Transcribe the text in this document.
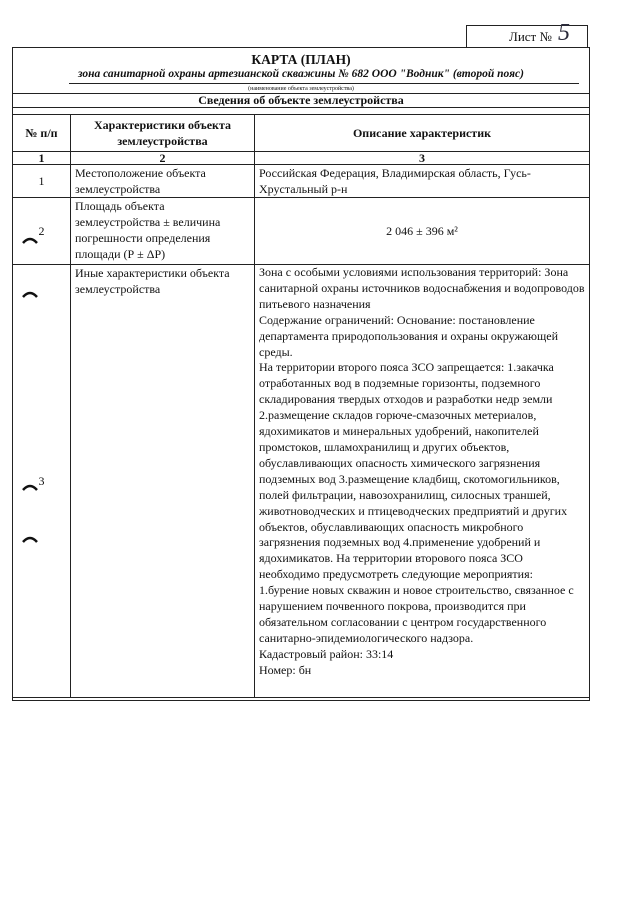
Лист № 5
КАРТА (ПЛАН)
зона санитарной охраны артезианской скважины № 682 ООО "Водник" (второй пояс)
(наименование объекта землеустройства)
Сведения об объекте землеустройства
№ п/п	Характеристики объекта землеустройства	Описание характеристик
1	2	3
1	Местоположение объекта землеустройства	Российская Федерация, Владимирская область, Гусь-Хрустальный р-н
2	Площадь объекта землеустройства ± величина погрешности определения площади (Р ± ΔР)	2 046 ± 396 м²
3	Иные характеристики объекта землеустройства	Зона с особыми условиями использования территорий: Зона санитарной охраны источников водоснабжения и водопроводов питьевого назначения
Содержание ограничений: Основание: постановление департамента природопользования и охраны окружающей среды.
На территории второго пояса ЗСО запрещается: 1.закачка отработанных вод в подземные горизонты, подземного складирования твердых отходов и разработки недр земли 2.размещение складов горюче-смазочных метериалов, ядохимикатов и минеральных удобрений, накопителей промстоков, шламохранилищ и других объектов, обуславливающих опасность химического загрязнения подземных вод 3.размещение кладбищ, скотомогильников, полей фильтрации, навозохранилищ, силосных траншей, животноводческих и птицеводческих предприятий и других объектов, обуславливающих опасность микробного загрязнения подземных вод 4.применение удобрений и ядохимикатов. На территории вторового пояса ЗСО необходимо предусмотреть следующие мероприятия: 1.бурение новых скважин и новое строительство, связанное с нарушением почвенного покрова, производится при обязательном согласовании с центром государственного санитарно-эпидемиологического надзора.
Кадастровый район: 33:14
Номер: бн
